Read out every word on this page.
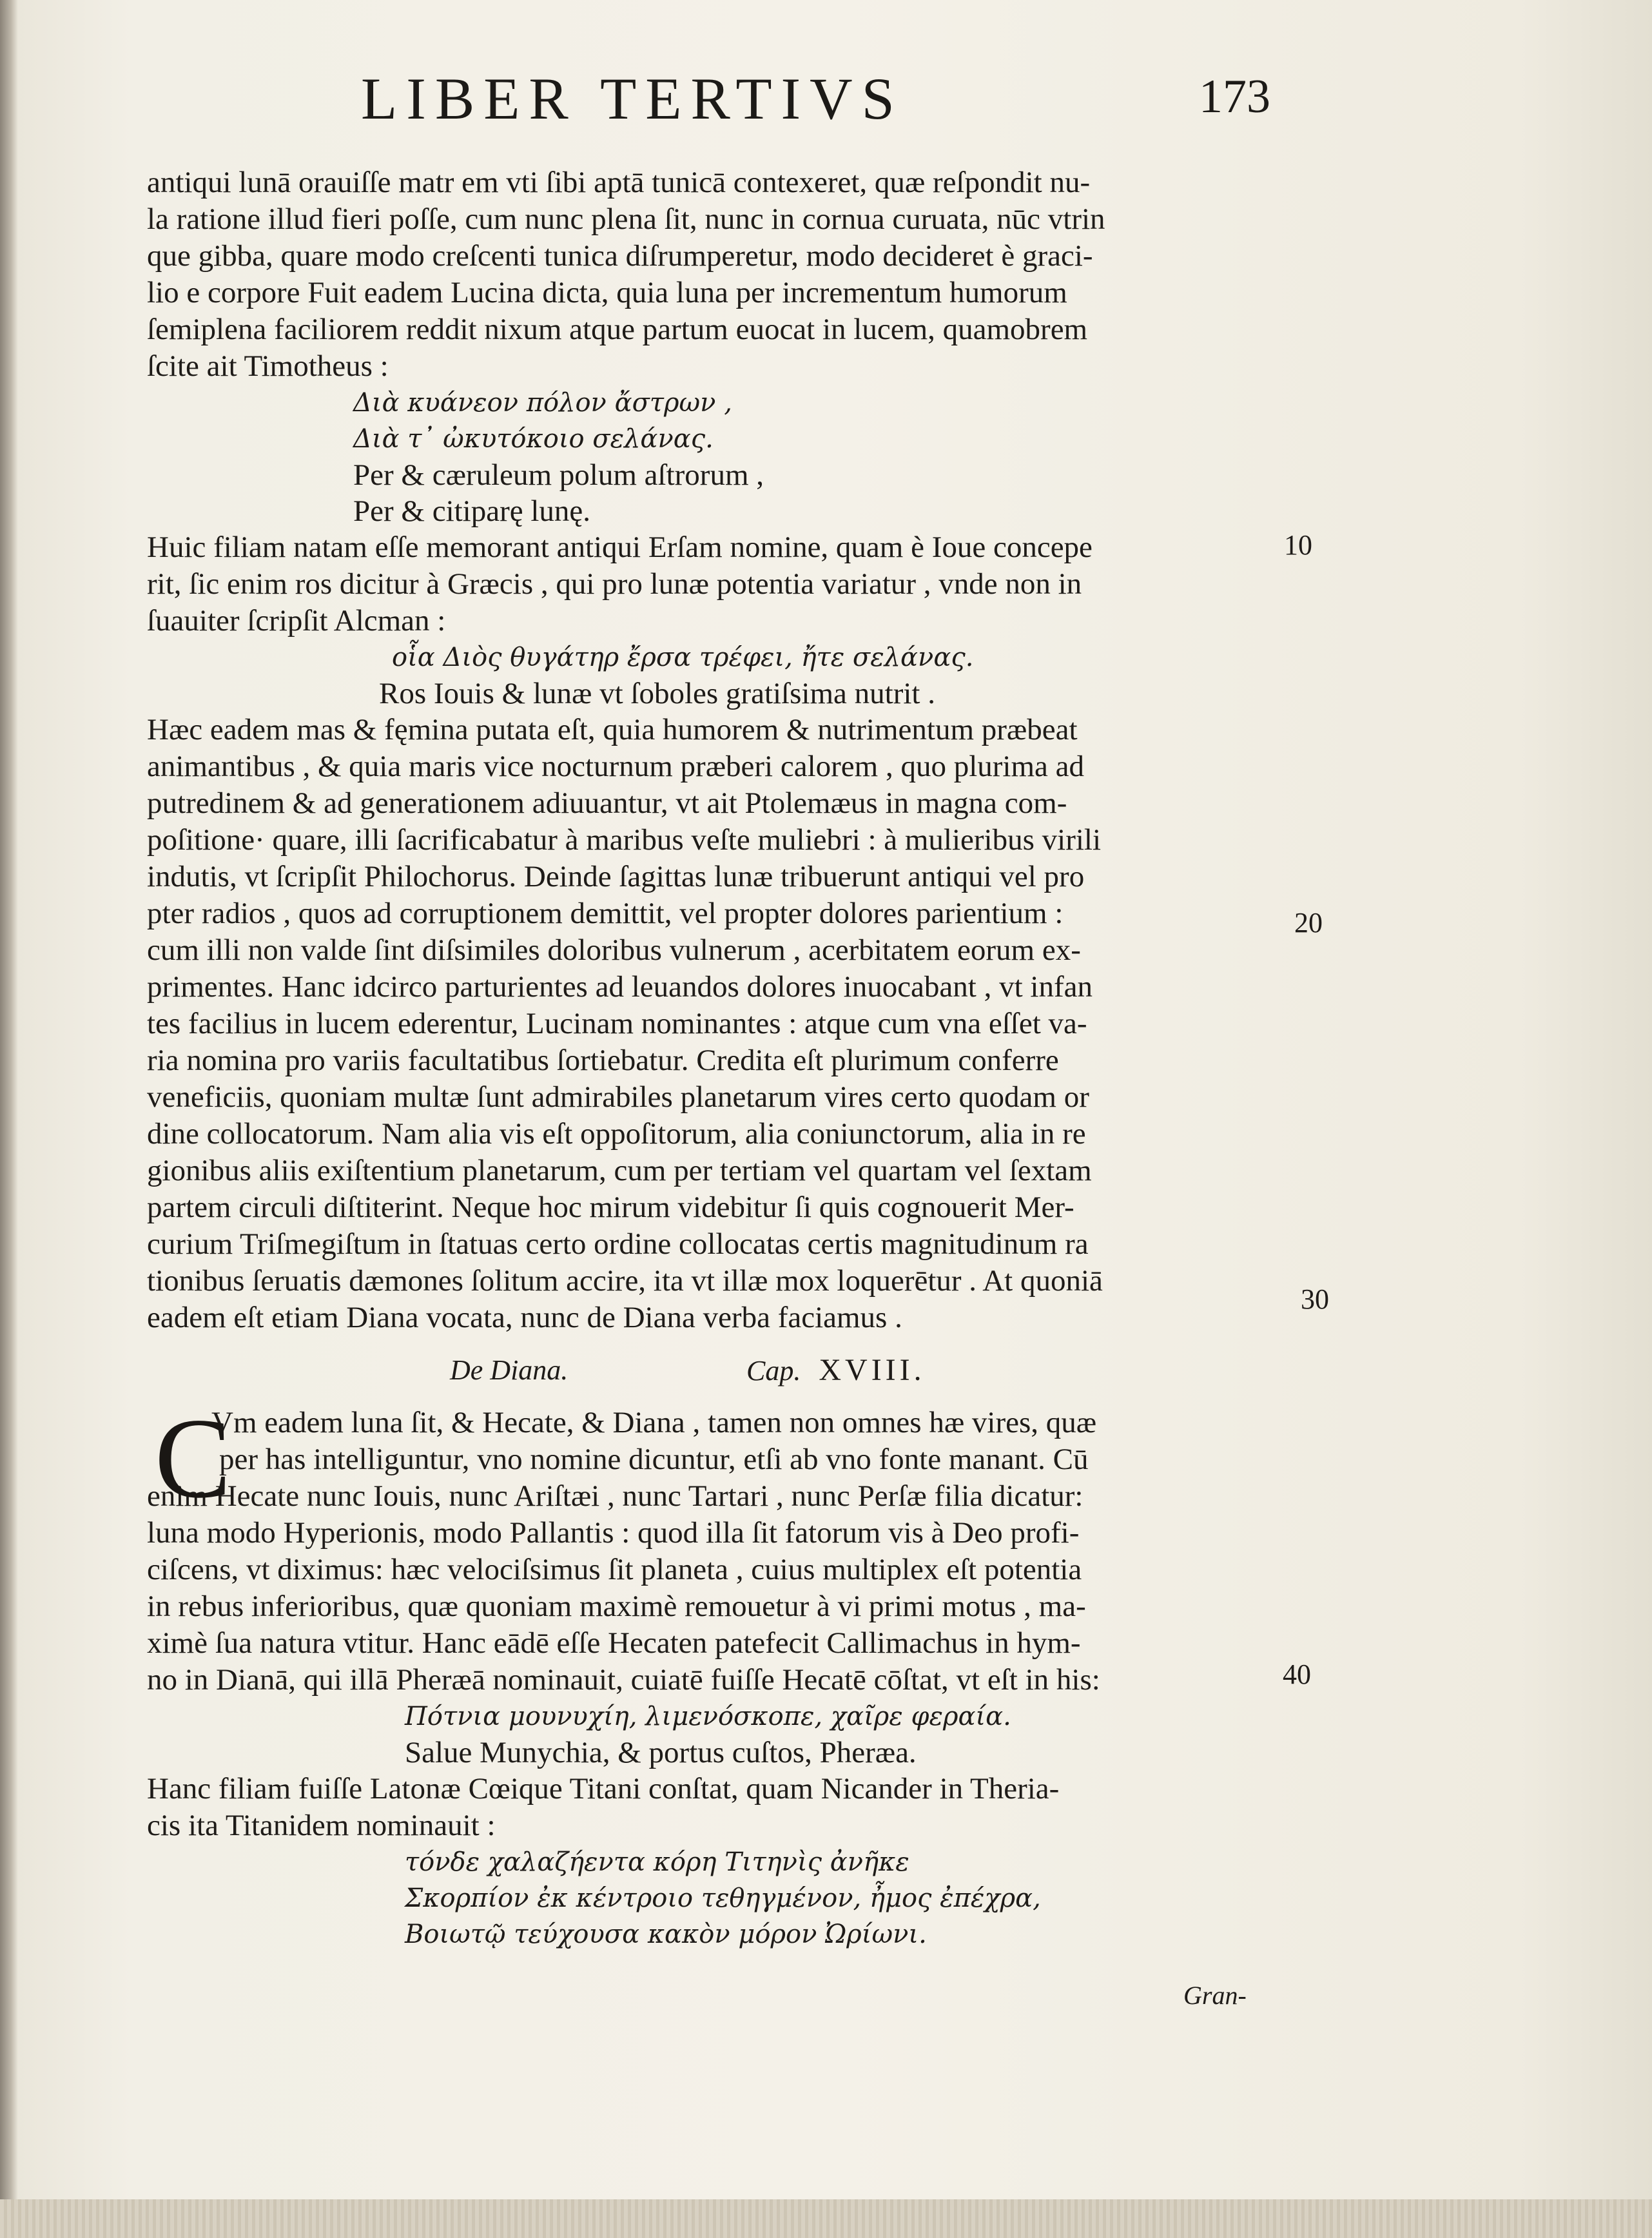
LIBER TERTIVS	173
antiqui lunā orauiſſe matr em vti ſibi aptā tunicā contexeret, quæ reſpondit nu-
la ratione illud fieri poſſe, cum nunc plena ſit, nunc in cornua curuata, nūc vtrin
que gibba, quare modo creſcenti tunica diſrumperetur, modo decideret è graci-
lio e corpore Fuit eadem Lucina dicta, quia luna per incrementum humorum
ſemiplena faciliorem reddit nixum atque partum euocat in lucem, quamobrem
ſcite ait Timotheus :
Διὰ κυάνεον πόλον ἄστρων ,
Διὰ τ᾽ ὠκυτόκοιο σελάνας.
Per & cæruleum polum aſtrorum ,
Per & citiparę lunę.
Huic filiam natam eſſe memorant antiqui Erſam nomine, quam è Ioue concepe
rit, ſic enim ros dicitur à Græcis , qui pro lunæ potentia variatur , vnde non in
ſuauiter ſcripſit Alcman :
οἷα Διὸς θυγάτηρ ἔρσα τρέφει, ἤτε σελάνας.
Ros Iouis & lunæ vt ſoboles gratiſsima nutrit .
Hæc eadem mas & fęmina putata eſt, quia humorem & nutrimentum præbeat
animantibus , & quia maris vice nocturnum præberi calorem , quo plurima ad
putredinem & ad generationem adiuuantur, vt ait Ptolemæus in magna com-
poſitione· quare, illi ſacrificabatur à maribus veſte muliebri : à mulieribus virili
indutis, vt ſcripſit Philochorus. Deinde ſagittas lunæ tribuerunt antiqui vel pro
pter radios , quos ad corruptionem demittit, vel propter dolores parientium :
cum illi non valde ſint diſsimiles doloribus vulnerum , acerbitatem eorum ex-
primentes. Hanc idcirco parturientes ad leuandos dolores inuocabant , vt infan
tes facilius in lucem ederentur, Lucinam nominantes : atque cum vna eſſet va-
ria nomina pro variis facultatibus ſortiebatur. Credita eſt plurimum conferre
veneficiis, quoniam multæ ſunt admirabiles planetarum vires certo quodam or
dine collocatorum. Nam alia vis eſt oppoſitorum, alia coniunctorum, alia in re
gionibus aliis exiſtentium planetarum, cum per tertiam vel quartam vel ſextam
partem circuli diſtiterint. Neque hoc mirum videbitur ſi quis cognouerit Mer-
curium Triſmegiſtum in ſtatuas certo ordine collocatas certis magnitudinum ra
tionibus ſeruatis dæmones ſolitum accire, ita vt illæ mox loquerētur . At quoniā
eadem eſt etiam Diana vocata, nunc de Diana verba faciamus .
De Diana.	Cap. XVIII.
C
Vm eadem luna ſit, & Hecate, & Diana , tamen non omnes hæ vires, quæ
per has intelliguntur, vno nomine dicuntur, etſi ab vno fonte manant. Cū
enim Hecate nunc Iouis, nunc Ariſtæi , nunc Tartari , nunc Perſæ filia dicatur:
luna modo Hyperionis, modo Pallantis : quod illa ſit fatorum vis à Deo profi-
ciſcens, vt diximus: hæc velociſsimus ſit planeta , cuius multiplex eſt potentia
in rebus inferioribus, quæ quoniam maximè remouetur à vi primi motus , ma-
ximè ſua natura vtitur. Hanc eādē eſſe Hecaten patefecit Callimachus in hym-
no in Dianā, qui illā Pheræā nominauit, cuiatē fuiſſe Hecatē cōſtat, vt eſt in his:
Πότνια μουνυχίη, λιμενόσκοπε, χαῖρε φεραία.
Salue Munychia, & portus cuſtos, Pheræa.
Hanc filiam fuiſſe Latonæ Cœique Titani conſtat, quam Nicander in Theria-
cis ita Titanidem nominauit :
τόνδε χαλαζήεντα κόρη Τιτηνὶς ἀνῆκε
Σκορπίον ἐκ κέντροιο τεθηγμένον, ἦμος ἐπέχρα,
Βοιωτῷ τεύχουσα κακὸν μόρον Ὠρίωνι.
10
20
30
40
Gran-
